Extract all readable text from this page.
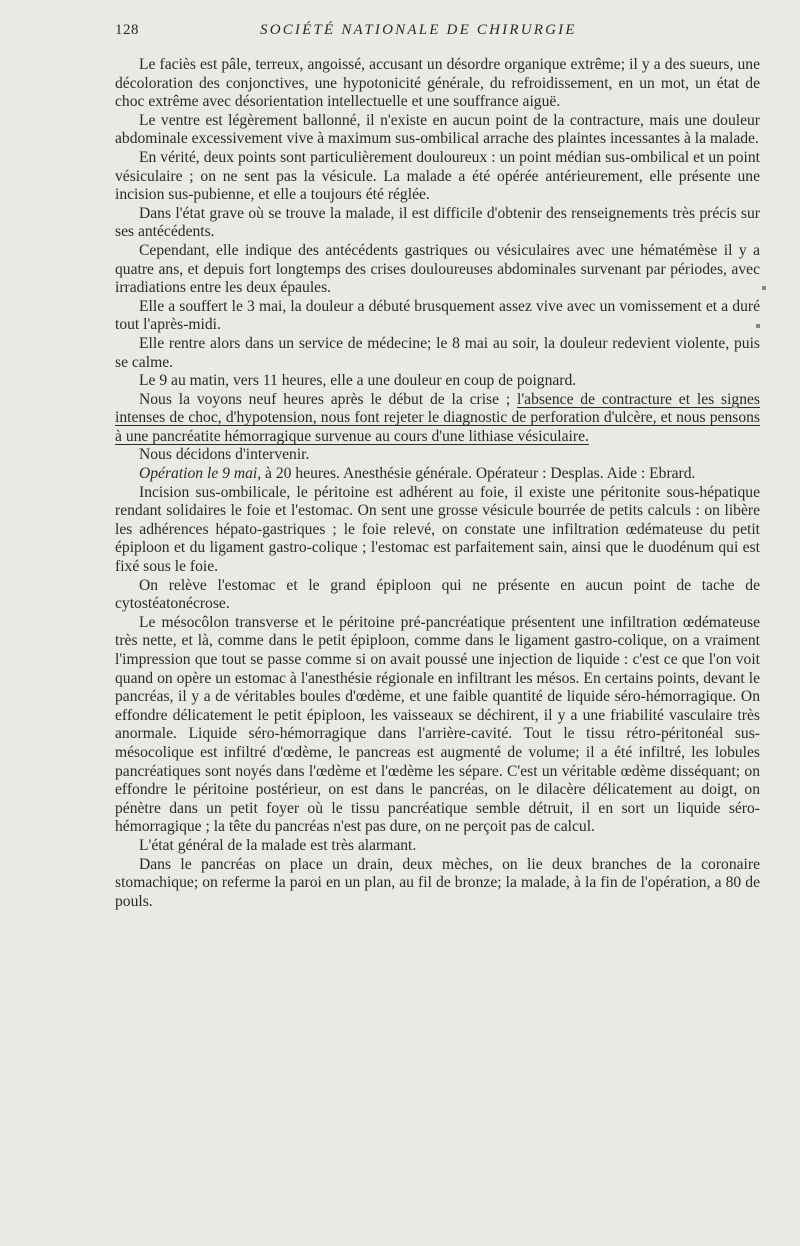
128	SOCIÉTÉ NATIONALE DE CHIRURGIE

Le faciès est pâle, terreux, angoissé, accusant un désordre organique extrême; il y a des sueurs, une décoloration des conjonctives, une hypotonicité générale, du refroidissement, en un mot, un état de choc extrême avec désorientation intellectuelle et une souffrance aiguë.

Le ventre est légèrement ballonné, il n'existe en aucun point de la contracture, mais une douleur abdominale excessivement vive à maximum sus-ombilical arrache des plaintes incessantes à la malade.

En vérité, deux points sont particulièrement douloureux : un point médian sus-ombilical et un point vésiculaire ; on ne sent pas la vésicule. La malade a été opérée antérieurement, elle présente une incision sus-pubienne, et elle a toujours été réglée.

Dans l'état grave où se trouve la malade, il est difficile d'obtenir des renseignements très précis sur ses antécédents.

Cependant, elle indique des antécédents gastriques ou vésiculaires avec une hématémèse il y a quatre ans, et depuis fort longtemps des crises douloureuses abdominales survenant par périodes, avec irradiations entre les deux épaules.

Elle a souffert le 3 mai, la douleur a débuté brusquement assez vive avec un vomissement et a duré tout l'après-midi.

Elle rentre alors dans un service de médecine; le 8 mai au soir, la douleur redevient violente, puis se calme.

Le 9 au matin, vers 11 heures, elle a une douleur en coup de poignard.

Nous la voyons neuf heures après le début de la crise ; l'absence de contracture et les signes intenses de choc, d'hypotension, nous font rejeter le diagnostic de perforation d'ulcère, et nous pensons à une pancréatite hémorragique survenue au cours d'une lithiase vésiculaire.

Nous décidons d'intervenir.

Opération le 9 mai, à 20 heures. Anesthésie générale. Opérateur : Desplas. Aide : Ebrard.

Incision sus-ombilicale, le péritoine est adhérent au foie, il existe une péritonite sous-hépatique rendant solidaires le foie et l'estomac. On sent une grosse vésicule bourrée de petits calculs : on libère les adhérences hépato-gastriques ; le foie relevé, on constate une infiltration œdémateuse du petit épiploon et du ligament gastro-colique ; l'estomac est parfaitement sain, ainsi que le duodénum qui est fixé sous le foie.

On relève l'estomac et le grand épiploon qui ne présente en aucun point de tache de cytostéatonécrose.

Le mésocôlon transverse et le péritoine pré-pancréatique présentent une infiltration œdémateuse très nette, et là, comme dans le petit épiploon, comme dans le ligament gastro-colique, on a vraiment l'impression que tout se passe comme si on avait poussé une injection de liquide : c'est ce que l'on voit quand on opère un estomac à l'anesthésie régionale en infiltrant les mésos. En certains points, devant le pancréas, il y a de véritables boules d'œdème, et une faible quantité de liquide séro-hémorragique. On effondre délicatement le petit épiploon, les vaisseaux se déchirent, il y a une friabilité vasculaire très anormale. Liquide séro-hémorragique dans l'arrière-cavité. Tout le tissu rétro-péritonéal sus-mésocolique est infiltré d'œdème, le pancreas est augmenté de volume; il a été infiltré, les lobules pancréatiques sont noyés dans l'œdème et l'œdème les sépare. C'est un véritable œdème disséquant; on effondre le péritoine postérieur, on est dans le pancréas, on le dilacère délicatement au doigt, on pénètre dans un petit foyer où le tissu pancréatique semble détruit, il en sort un liquide séro-hémorragique ; la tête du pancréas n'est pas dure, on ne perçoit pas de calcul.

L'état général de la malade est très alarmant.

Dans le pancréas on place un drain, deux mèches, on lie deux branches de la coronaire stomachique; on referme la paroi en un plan, au fil de bronze; la malade, à la fin de l'opération, a 80 de pouls.
